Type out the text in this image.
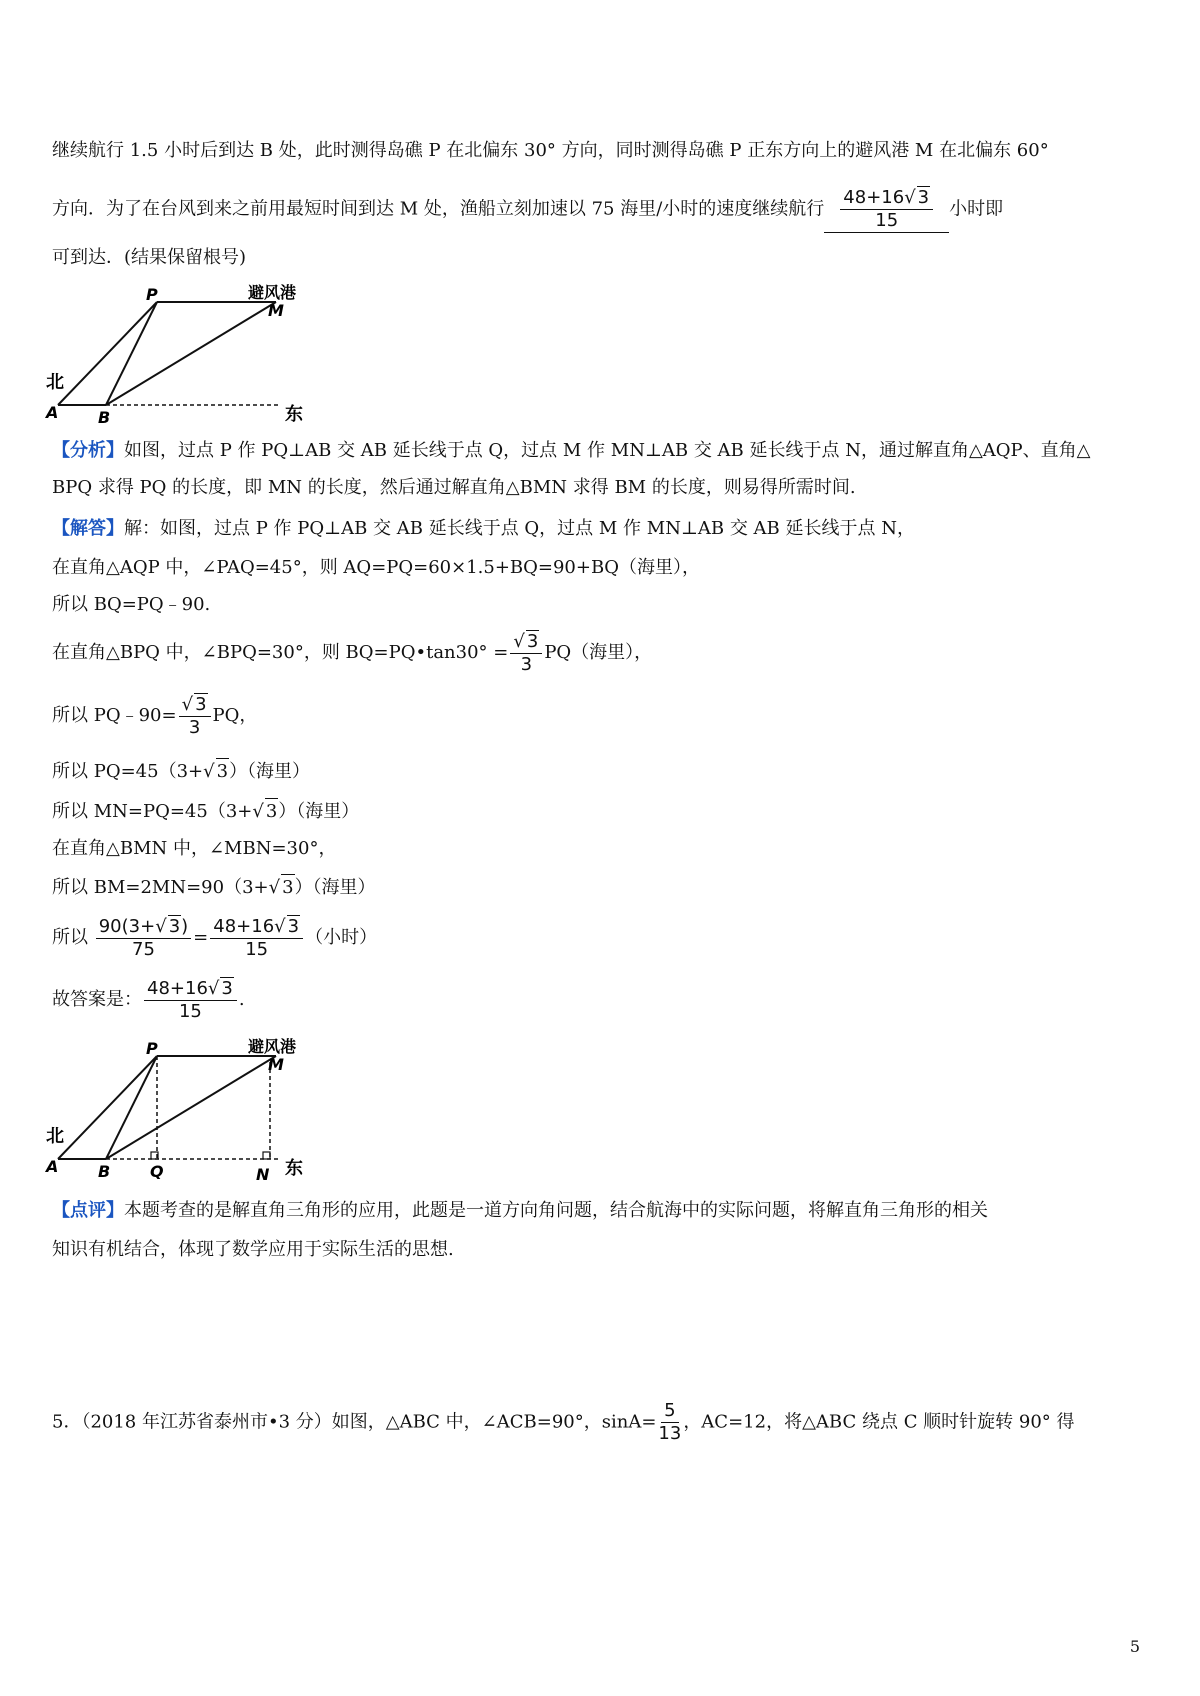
继续航行 1.5 小时后到达 B 处，此时测得岛礁 P 在北偏东 30° 方向，同时测得岛礁 P 正东方向上的避风港 M 在北偏东 60°
方向．为了在台风到来之前用最短时间到达 M 处，渔船立刻加速以 75 海里/小时的速度继续航行 $\frac{48+16√ 3}{15}$ 小时即
可到达．(结果保留根号)
P
M
避风港
北
A B	东
【分析】如图，过点 P 作 PQ⊥AB 交 AB 延长线于点 Q，过点 M 作 MN⊥AB 交 AB 延长线于点 N，通过解直角△AQP、直角△
BPQ 求得 PQ 的长度，即 MN 的长度，然后通过解直角△BMN 求得 BM 的长度，则易得所需时间.
【解答】解：如图，过点 P 作 PQ⊥AB 交 AB 延长线于点 Q，过点 M 作 MN⊥AB 交 AB 延长线于点 N，
在直角△AQP 中，∠PAQ=45°，则 AQ=PQ=60×1.5+BQ=90+BQ（海里），
所以 BQ=PQ﹣90.
在直角△BPQ 中，∠BPQ=30°，则 BQ=PQ•tan30° = $\frac{√ 3}{3} PQ$（海里），
所以 PQ﹣90= $\frac{√ 3}{3}$ PQ，
所以 PQ=45（3+√ 3）（海里）
所以 MN=PQ=45（3+√ 3）（海里）
在直角△BMN 中，∠MBN=30°，
所以 BM=2MN=90（3+√ 3）（海里）
所以 $\frac{90(3+√ 3)}{75} = \frac{48+16√ 3}{15}$ （小时）
故答案是： $\frac{48+16√ 3}{15}$ .
P
M
避风港
北
A B Q	N 东
【点评】本题考查的是解直角三角形的应用，此题是一道方向角问题，结合航海中的实际问题，将解直角三角形的相关
知识有机结合，体现了数学应用于实际生活的思想.
5．（2018 年江苏省泰州市•3 分）如图，△ABC 中，∠ACB=90°，$\sin A= \frac{5}{13}$ ，AC=12，将△ABC 绕点 C 顺时针旋转 90° 得
5
